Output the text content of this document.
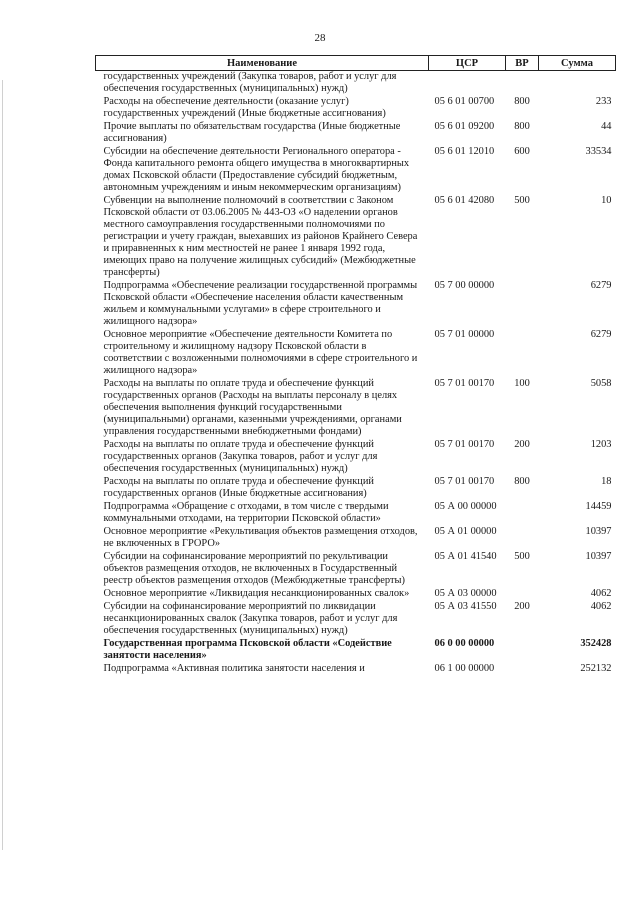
28
Наименование	ЦСР	ВР	Сумма
государственных учреждений (Закупка товаров, работ и услуг для обеспечения государственных (муниципальных) нужд)			
Расходы на обеспечение деятельности (оказание услуг) государственных учреждений (Иные бюджетные ассигнования)	05 6 01 00700	800	233
Прочие выплаты по обязательствам государства (Иные бюджетные ассигнования)	05 6 01 09200	800	44
Субсидии на обеспечение деятельности Регионального оператора - Фонда капитального ремонта общего имущества в многоквартирных домах Псковской области (Предоставление субсидий бюджетным, автономным учреждениям и иным некоммерческим организациям)	05 6 01 12010	600	33534
Субвенции на выполнение полномочий в соответствии с Законом Псковской области от 03.06.2005 № 443-ОЗ «О наделении органов местного самоуправления государственными полномочиями по регистрации и учету граждан, выехавших из районов Крайнего Севера и приравненных к ним местностей не ранее 1 января 1992 года, имеющих право на получение жилищных субсидий» (Межбюджетные трансферты)	05 6 01 42080	500	10
Подпрограмма «Обеспечение реализации государственной программы Псковской области «Обеспечение населения области качественным жильем и коммунальными услугами» в сфере строительного и жилищного надзора»	05 7 00 00000		6279
Основное мероприятие «Обеспечение деятельности Комитета по строительному и жилищному надзору Псковской области в соответствии с возложенными полномочиями в сфере строительного и жилищного надзора»	05 7 01 00000		6279
Расходы на выплаты по оплате труда и обеспечение функций государственных органов (Расходы на выплаты персоналу в целях обеспечения выполнения функций государственными (муниципальными) органами, казенными учреждениями, органами управления государственными внебюджетными фондами)	05 7 01 00170	100	5058
Расходы на выплаты по оплате труда и обеспечение функций государственных органов (Закупка товаров, работ и услуг для обеспечения государственных (муниципальных) нужд)	05 7 01 00170	200	1203
Расходы на выплаты по оплате труда и обеспечение функций государственных органов (Иные бюджетные ассигнования)	05 7 01 00170	800	18
Подпрограмма «Обращение с отходами, в том числе с твердыми коммунальными отходами, на территории Псковской области»	05 А 00 00000		14459
Основное мероприятие «Рекультивация объектов размещения отходов, не включенных в ГРОРО»	05 А 01 00000		10397
Субсидии на софинансирование мероприятий по рекультивации объектов размещения отходов, не включенных в Государственный реестр объектов размещения отходов (Межбюджетные трансферты)	05 А 01 41540	500	10397
Основное мероприятие «Ликвидация несанкционированных свалок»	05 А 03 00000		4062
Субсидии на софинансирование мероприятий по ликвидации несанкционированных свалок (Закупка товаров, работ и услуг для обеспечения государственных (муниципальных) нужд)	05 А 03 41550	200	4062
Государственная программа Псковской области «Содействие занятости населения»	06 0 00 00000		352428
Подпрограмма «Активная политика занятости населения и	06 1 00 00000		252132
